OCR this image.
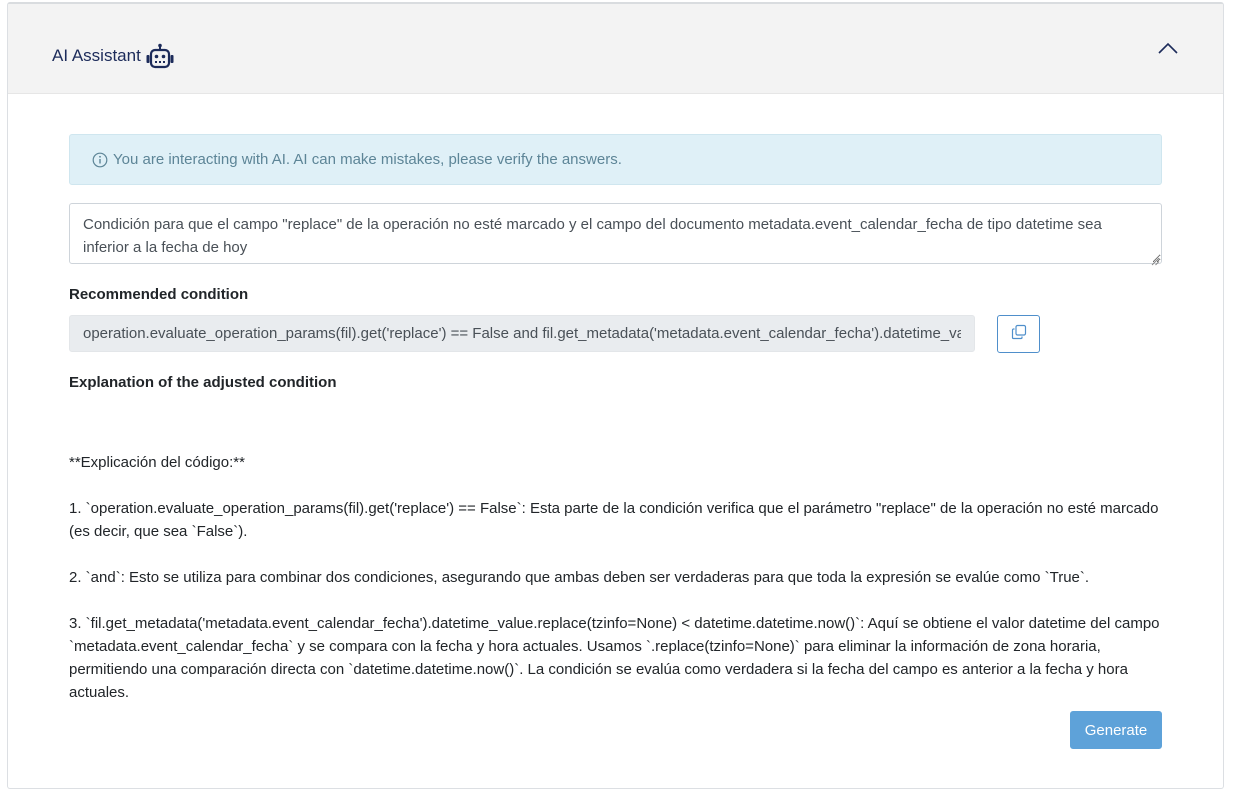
AI Assistant
You are interacting with AI. AI can make mistakes, please verify the answers.
Condición para que el campo "replace" de la operación no esté marcado y el campo del documento metadata.event_calendar_fecha de tipo datetime sea inferior a la fecha de hoy
Recommended condition
operation.evaluate_operation_params(fil).get('replace') == False and fil.get_metadata('metadata.event_calendar_fecha').datetime_value.replace(tzinfo=None) < datetime.datetime.now()
Explanation of the adjusted condition

**Explicación del código:**

1. `operation.evaluate_operation_params(fil).get('replace') == False`: Esta parte de la condición verifica que el parámetro "replace" de la operación no esté marcado (es decir, que sea `False`).

2. `and`: Esto se utiliza para combinar dos condiciones, asegurando que ambas deben ser verdaderas para que toda la expresión se evalúe como `True`.

3. `fil.get_metadata('metadata.event_calendar_fecha').datetime_value.replace(tzinfo=None) < datetime.datetime.now()`: Aquí se obtiene el valor datetime del campo `metadata.event_calendar_fecha` y se compara con la fecha y hora actuales. Usamos `.replace(tzinfo=None)` para eliminar la información de zona horaria, permitiendo una comparación directa con `datetime.datetime.now()`. La condición se evalúa como verdadera si la fecha del campo es anterior a la fecha y hora actuales.

Generate
